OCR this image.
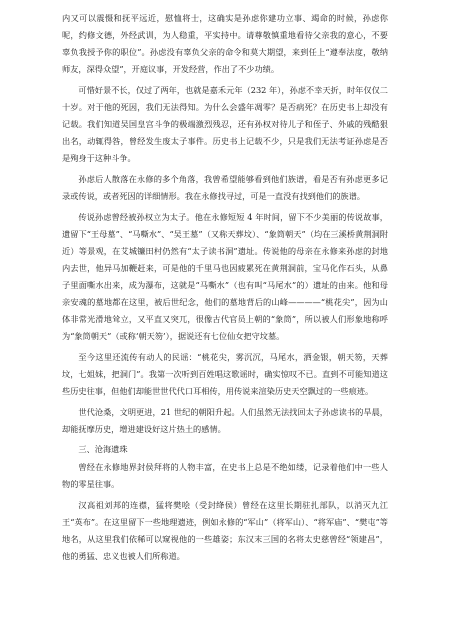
内又可以震慑和抚平远近，慰恤将士，这确实是孙虑你建功立事、竭命的时候，孙虑你呢，约修文德，外经武训，为人稳重，平实持中。请尊敬慎重地看待父亲我的意心，不要辜负我授予你的职位”。孙虑没有辜负父亲的命令和莫大期望，来到任上“遵奉法度，敬纳师友，深得众望”，开庭议事，开发经营，作出了不少功绩。

可惜好景不长，仅过了两年，也就是嘉禾元年（232 年），孙虑不幸天折，时年仅仅二十岁。对于他的死因，我们无法得知。为什么会盛年凋零？是否病死？在历史书上却没有记载。我们知道吴国皇宫斗争的极端激烈残忍，还有孙权对待儿子和侄子、外戚的残酷狠出名，动辄得咎，曾经发生废太子事件。历史书上记载不少，只是我们无法考证孙虑是否是殉身于这种斗争。

孙虑后人散落在永修的多个角落，我曾希望能够看到他们族谱，看是否有孙虑更多记录或传说，或者死因的详细情形。我在永修找寻过，可是一直没有找到他们的族谱。

传说孙虑曾经被孙权立为太子。他在永修短短 4 年时间，留下不少美丽的传说故事，遗留下“王母墓”、“马嘶水”、“吴王墓”（又称天葬坟）、“象筒朝天”（均在三溪桥黄荆洞附近）等景观，在艾城镰田村仍然有“太子读书洞”遗址。传说他的母亲在永修来孙虑的封地内去世，他异马加鞭赶来，可是他的千里马也因疲累死在黄荆洞前，宝马化作石头，从鼻子里面嘶水出来，成为瀑布，这就是“马嘶水”（也有叫“马尾水”的）遗址的由来。他和母亲安魂的墓地都在这里，被后世纪念，他们的墓地背后的山峰————“桃花尖”，因为山体非常光滑地耸立，又平直又突兀，很像古代官员上朝的“象筒”，所以被人们形象地称呼为“象筒朝天”（或称‘朝天笏’），据说还有七位仙女把守坟墓。

至今这里还流传有动人的民谣：“桃花尖，雾沉沉，马尾水，洒金银，朝天笏，天葬坟，七姐妹，把洞门”。我第一次听到百姓唱这歌谣时，确实惊叹不已。直到不可能知道这些历史往事，但他们却能世世代代口耳相传，用传说来渲染历史天空飘过的一些痕迹。

世代沧桑，文明更进，21 世纪的朝阳升起。人们虽然无法找回太子孙虑读书的旱晨，却能抚摩历史，增进建设好这片热土的感情。

三、沧海遗珠

曾经在永修地界封侯拜将的人物丰富，在史书上总是不绝如缕，记录着他们中一些人物的零星往事。

汉高祖刘邦的连襟，猛将樊哙（受封绛侯）曾经在这里长期驻扎部队，以消灭九江王“英布”。在这里留下一些地理遗迹，例如永修的“军山”（将军山）、“将军庙”、“樊屯”等地名，从这里我们依稀可以窥视他的一些雄姿；东汉末三国的名将太史慈曾经“领建昌”，他的勇猛、忠义也被人们所称道。
